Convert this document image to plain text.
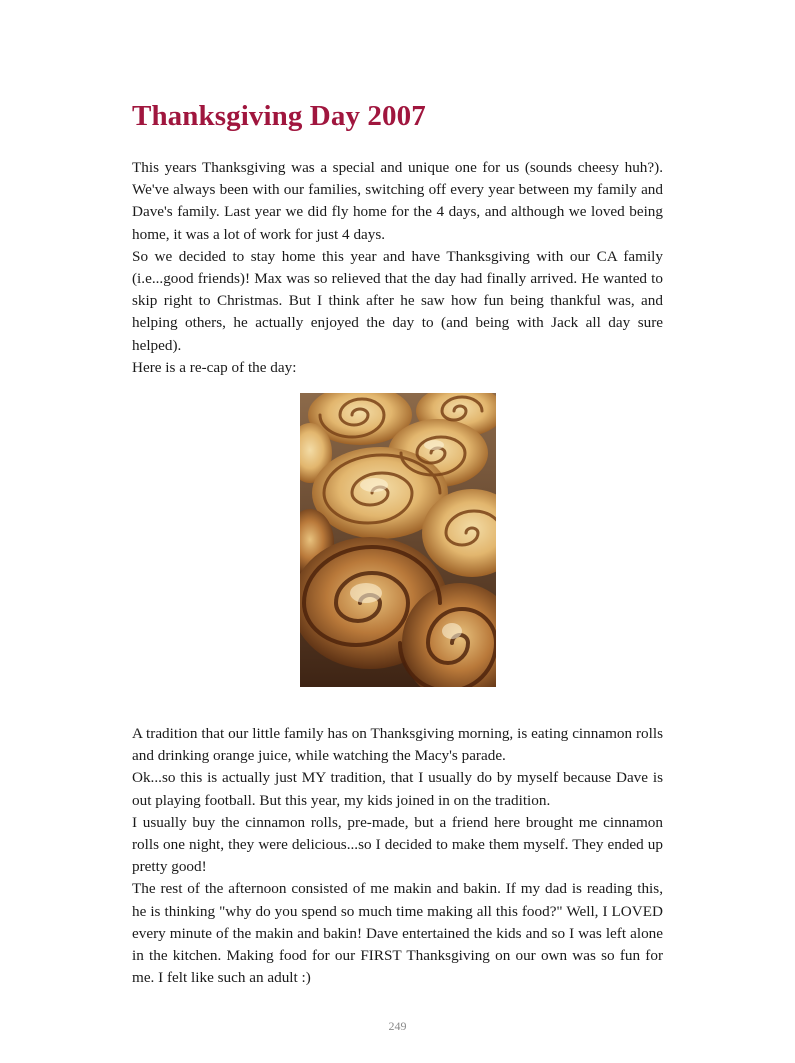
Thanksgiving Day 2007

This years Thanksgiving was a special and unique one for us (sounds cheesy huh?). We've always been with our families, switching off every year between my family and Dave's family. Last year we did fly home for the 4 days, and although we loved being home, it was a lot of work for just 4 days.

So we decided to stay home this year and have Thanksgiving with our CA family (i.e...good friends)! Max was so relieved that the day had finally arrived. He wanted to skip right to Christmas. But I think after he saw how fun being thankful was, and helping others, he actually enjoyed the day to (and being with Jack all day sure helped).

Here is a re-cap of the day:

A tradition that our little family has on Thanksgiving morning, is eating cinnamon rolls and drinking orange juice, while watching the Macy's parade.

Ok...so this is actually just MY tradition, that I usually do by myself because Dave is out playing football. But this year, my kids joined in on the tradition.

I usually buy the cinnamon rolls, pre-made, but a friend here brought me cinnamon rolls one night, they were delicious...so I decided to make them myself. They ended up pretty good!

The rest of the afternoon consisted of me makin and bakin. If my dad is reading this, he is thinking "why do you spend so much time making all this food?" Well, I LOVED every minute of the makin and bakin! Dave entertained the kids and so I was left alone in the kitchen. Making food for our FIRST Thanksgiving on our own was so fun for me. I felt like such an adult :)

249
